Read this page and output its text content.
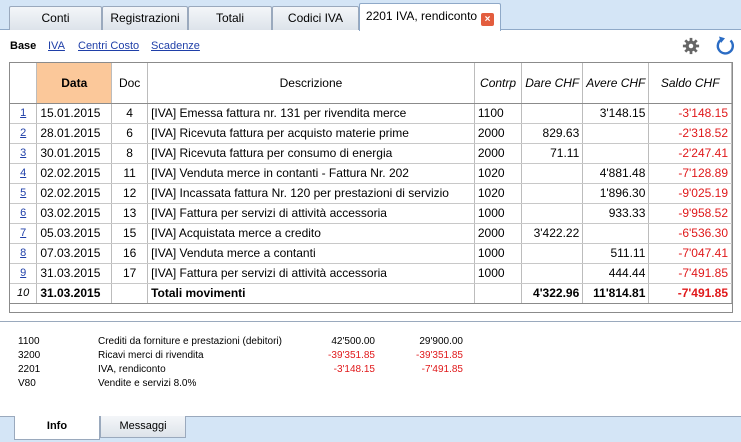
Conti	Registrazioni	Totali	Codici IVA	2201 IVA, rendiconto ×
Base IVA Centri Costo Scadenze
	Data	Doc	Descrizione	Contrp	Dare CHF	Avere CHF	Saldo CHF
1	15.01.2015	4	[IVA] Emessa fattura nr. 131 per rivendita merce	1100		3'148.15	-3'148.15
2	28.01.2015	6	[IVA] Ricevuta fattura per acquisto materie prime	2000	829.63		-2'318.52
3	30.01.2015	8	[IVA] Ricevuta fattura per consumo di energia	2000	71.11		-2'247.41
4	02.02.2015	11	[IVA] Venduta merce in contanti - Fattura Nr. 202	1020		4'881.48	-7'128.89
5	02.02.2015	12	[IVA] Incassata fattura Nr. 120 per prestazioni di servizio	1020		1'896.30	-9'025.19
6	03.02.2015	13	[IVA] Fattura per servizi di attività accessoria	1000		933.33	-9'958.52
7	05.03.2015	15	[IVA] Acquistata merce a credito	2000	3'422.22		-6'536.30
8	07.03.2015	16	[IVA] Venduta merce a contanti	1000		511.11	-7'047.41
9	31.03.2015	17	[IVA] Fattura per servizi di attività accessoria	1000		444.44	-7'491.85
10	31.03.2015		Totali movimenti		4'322.96	11'814.81	-7'491.85
1100	Crediti da forniture e prestazioni (debitori)	42'500.00	29'900.00
3200	Ricavi merci di rivendita	-39'351.85	-39'351.85
2201	IVA, rendiconto	-3'148.15	-7'491.85
V80	Vendite e servizi 8.0%
Info	Messaggi
